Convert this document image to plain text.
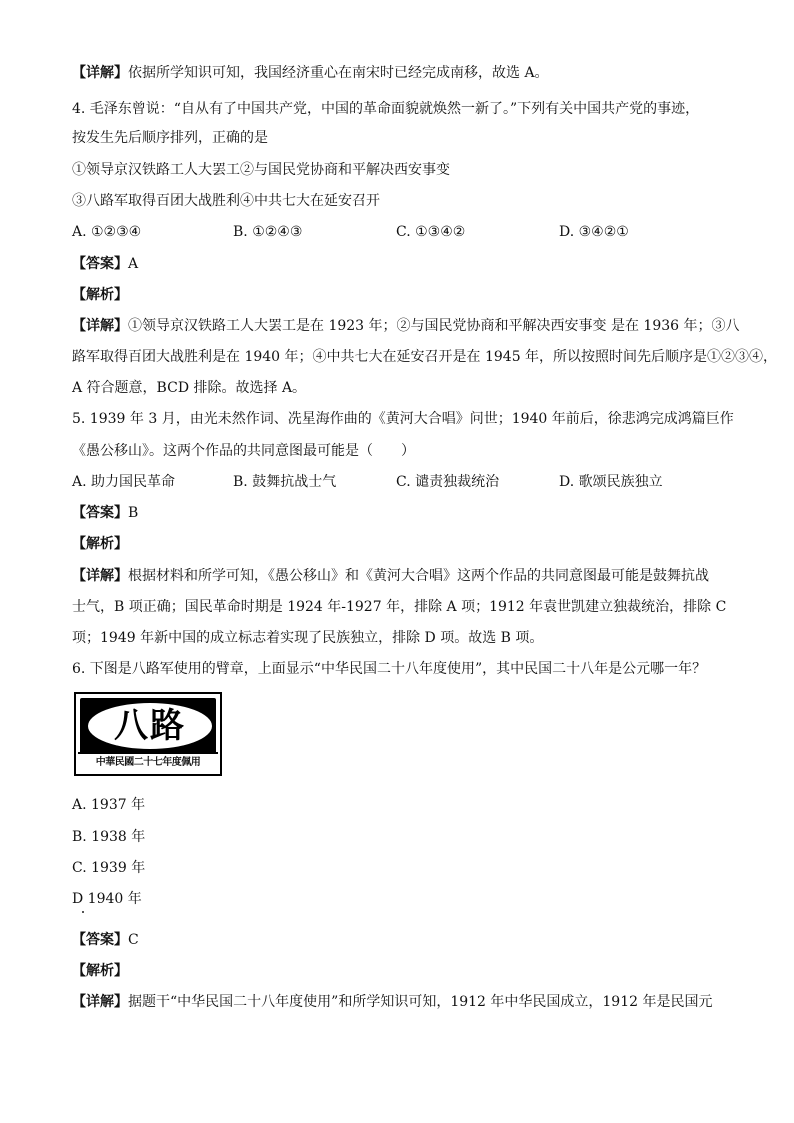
【详解】依据所学知识可知，我国经济重心在南宋时已经完成南移，故选 A。
4. 毛泽东曾说：“自从有了中国共产党，中国的革命面貌就焕然一新了。”下列有关中国共产党的事迹，
按发生先后顺序排列，正确的是
①领导京汉铁路工人大罢工②与国民党协商和平解决西安事变
③八路军取得百团大战胜利④中共七大在延安召开
A. ①②③④	B. ①②④③	C. ①③④②	D. ③④②①
【答案】A
【解析】
【详解】①领导京汉铁路工人大罢工是在 1923 年；②与国民党协商和平解决西安事变 是在 1936 年；③八
路军取得百团大战胜利是在 1940 年；④中共七大在延安召开是在 1945 年，所以按照时间先后顺序是①②③④，
A 符合题意，BCD 排除。故选择 A。
5. 1939 年 3 月，由光未然作词、冼星海作曲的《黄河大合唱》问世；1940 年前后，徐悲鸿完成鸿篇巨作
《愚公移山》。这两个作品的共同意图最可能是（　　）
A. 助力国民革命	B. 鼓舞抗战士气	C. 谴责独裁统治	D. 歌颂民族独立
【答案】B
【解析】
【详解】根据材料和所学可知，《愚公移山》和《黄河大合唱》这两个作品的共同意图最可能是鼓舞抗战
士气，B 项正确；国民革命时期是 1924 年-1927 年，排除 A 项；1912 年袁世凯建立独裁统治，排除 C
项；1949 年新中国的成立标志着实现了民族独立，排除 D 项。故选 B 项。
6. 下图是八路军使用的臂章，上面显示“中华民国二十八年度使用”，其中民国二十八年是公元哪一年？
八路
中華民國二十七年度佩用
A. 1937 年
B. 1938 年
C. 1939 年
D 1940 年
【答案】C
【解析】
【详解】据题干“中华民国二十八年度使用”和所学知识可知，1912 年中华民国成立，1912 年是民国元
